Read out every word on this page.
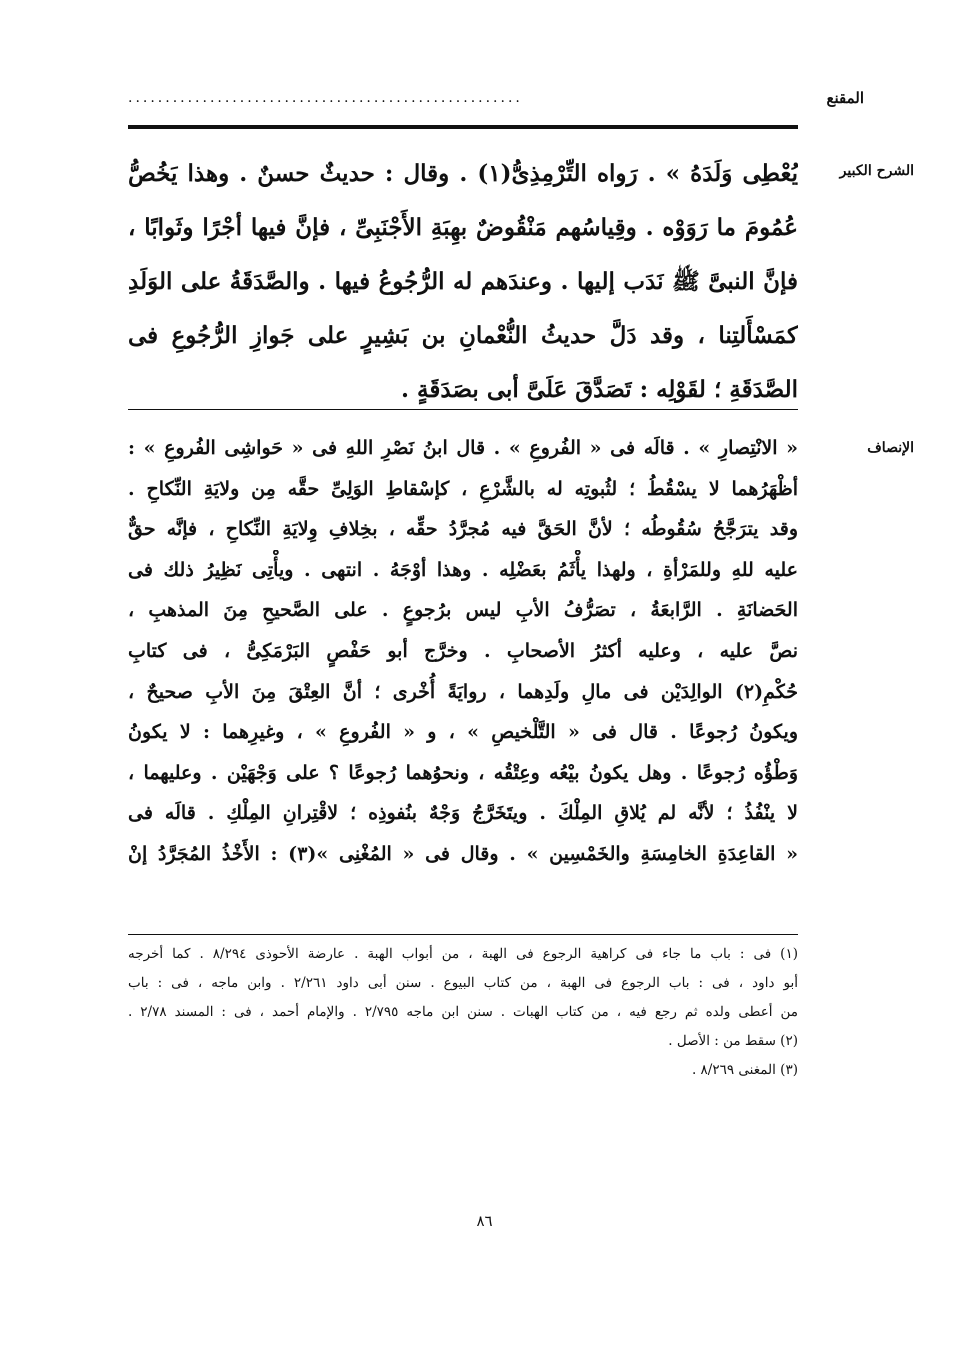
المقنع
.....................................................
الشرح الكبير
يُعْطِى وَلَدَهُ » . رَواه التِّرْمِذِىُّ(١) . وقال : حديثٌ حسنٌ . وهذا يَخُصُّ
عُمُومَ ما رَوَوْه . وقِياسُهم مَنْقُوضٌ بهِبَةِ الأَجْنَبِىِّ ، فإنَّ فيها أجْرًا وثَوابًا ،
فإنَّ النبىَّ ﷺ نَدَب إليها . وعندَهم له الرُّجُوعُ فيها . والصَّدَقَةُ على الوَلَدِ
كمَسْأَلتِنا ، وقد دَلَّ حديثُ النُّعْمانِ بن بَشِيرٍ على جَوازِ الرُّجُوعِ فى
الصَّدَقَةِ ؛ لقَوْلِه : تَصَدَّقَ عَلَىَّ أبى بصَدَقَةٍ .
الإنصاف
« الانْتِصارِ » . قالَه فى « الفُروعِ » . قال ابنُ نَصْرِ اللهِ فى « حَواشِى الفُروعِ » :
أظْهَرُهما لا يسْقُطُ ؛ لثُبوتِه له بالشَّرْعِ ، كإسْقاطِ الوَلِىِّ حقَّه مِن ولايَةِ النِّكاحِ .
وقد يترَجَّحُ سُقُوطُه ؛ لأنَّ الحَقَّ فيه مُجرَّدُ حقِّه ، بخِلافِ وِلايَةِ النِّكاحِ ، فإنَّه حقٌّ
عليه للهِ وللمَرْأةِ ، ولهذا يأْثَمُ بعَضْلِه . وهذا أوْجَهُ . انتهى . ويأْتِى نَظِيرُ ذلك فى
الحَضانَةِ . الرَّابعَةُ ، تصَرُّفُ الأبِ ليس برُجوعٍ . على الصَّحيحِ مِنَ المذهبِ ،
نصَّ عليه ، وعليه أكثرُ الأصحابِ . وخرَّج أبو حَفْصٍ البَرْمَكِىُّ ، فى كتابِ
حُكْمِ(٢) الوالِدَيْن فى مالِ ولَدِهما ، روايَةً أُخْرى ؛ أنَّ العِتْقَ مِنَ الأبِ صحيحٌ ،
ويكونُ رُجوعًا . قال فى « التَّلْخيصِ » ، و « الفُروعِ » ، وغيرِهما : لا يكونُ
وَطْؤُه رُجوعًا . وهل يكونُ بيْعُه وعِتْقُه ، ونحوُهما رُجوعًا ؟ على وَجْهَيْن . وعليهما ،
لا ينْفُذُ ؛ لأنَّه لم يُلاقِ المِلْكَ . ويتَخَرَّجُ وَجْهٌ بنُفوذِه ؛ لاقْتِرانِ المِلْكِ . قالَه فى
« القاعِدَةِ الخامِسَةِ والخَمْسِين » . وقال فى « المُغْنِى »(٣) : الأَخْذُ المُجَرَّدُ إنْ
(١) فى : باب ما جاء فى كراهية الرجوع فى الهبة ، من أبواب الهبة . عارضة الأحوذى ٨/٢٩٤ . كما أخرجه
أبو داود ، فى : باب الرجوع فى الهبة ، من كتاب البيوع . سنن أبى داود ٢/٢٦١ . وابن ماجه ، فى : باب
من أعطى ولده ثم رجع فيه ، من كتاب الهبات . سنن ابن ماجه ٢/٧٩٥ . والإمام أحمد ، فى : المسند ٢/٧٨ .
(٢) سقط من : الأصل .
(٣) المغنى ٨/٢٦٩ .
٨٦
